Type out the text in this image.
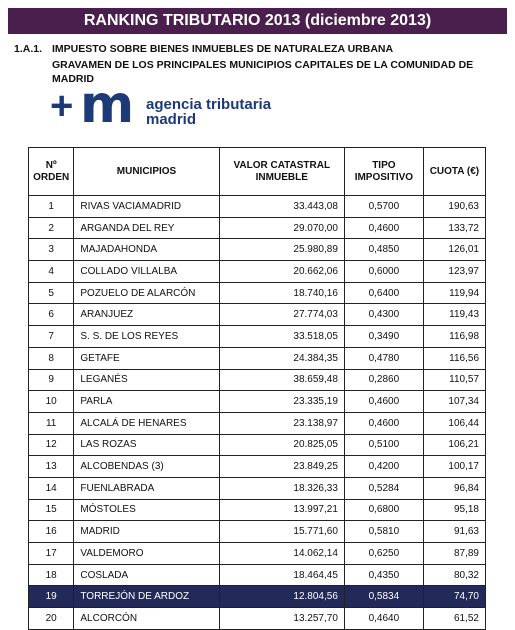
RANKING TRIBUTARIO 2013 (diciembre 2013)
1.A.1. IMPUESTO SOBRE BIENES INMUEBLES DE NATURALEZA URBANA
GRAVAMEN DE LOS PRINCIPALES MUNICIPIOS CAPITALES DE LA COMUNIDAD DE MADRID
+ m agencia tributaria
madrid
Nº ORDEN	MUNICIPIOS	VALOR CATASTRAL INMUEBLE	TIPO IMPOSITIVO	CUOTA (€)
1	RIVAS VACIAMADRID	33.443,08	0,5700	190,63
2	ARGANDA DEL REY	29.070,00	0,4600	133,72
3	MAJADAHONDA	25.980,89	0,4850	126,01
4	COLLADO VILLALBA	20.662,06	0,6000	123,97
5	POZUELO DE ALARCÓN	18.740,16	0,6400	119,94
6	ARANJUEZ	27.774,03	0,4300	119,43
7	S. S. DE LOS REYES	33.518,05	0,3490	116,98
8	GETAFE	24.384,35	0,4780	116,56
9	LEGANÉS	38.659,48	0,2860	110,57
10	PARLA	23.335,19	0,4600	107,34
11	ALCALÁ DE HENARES	23.138,97	0,4600	106,44
12	LAS ROZAS	20.825,05	0,5100	106,21
13	ALCOBENDAS (3)	23.849,25	0,4200	100,17
14	FUENLABRADA	18.326,33	0,5284	96,84
15	MÓSTOLES	13.997,21	0,6800	95,18
16	MADRID	15.771,60	0,5810	91,63
17	VALDEMORO	14.062,14	0,6250	87,89
18	COSLADA	18.464,45	0,4350	80,32
19	TORREJÓN DE ARDOZ	12.804,56	0,5834	74,70
20	ALCORCÓN	13.257,70	0,4640	61,52
